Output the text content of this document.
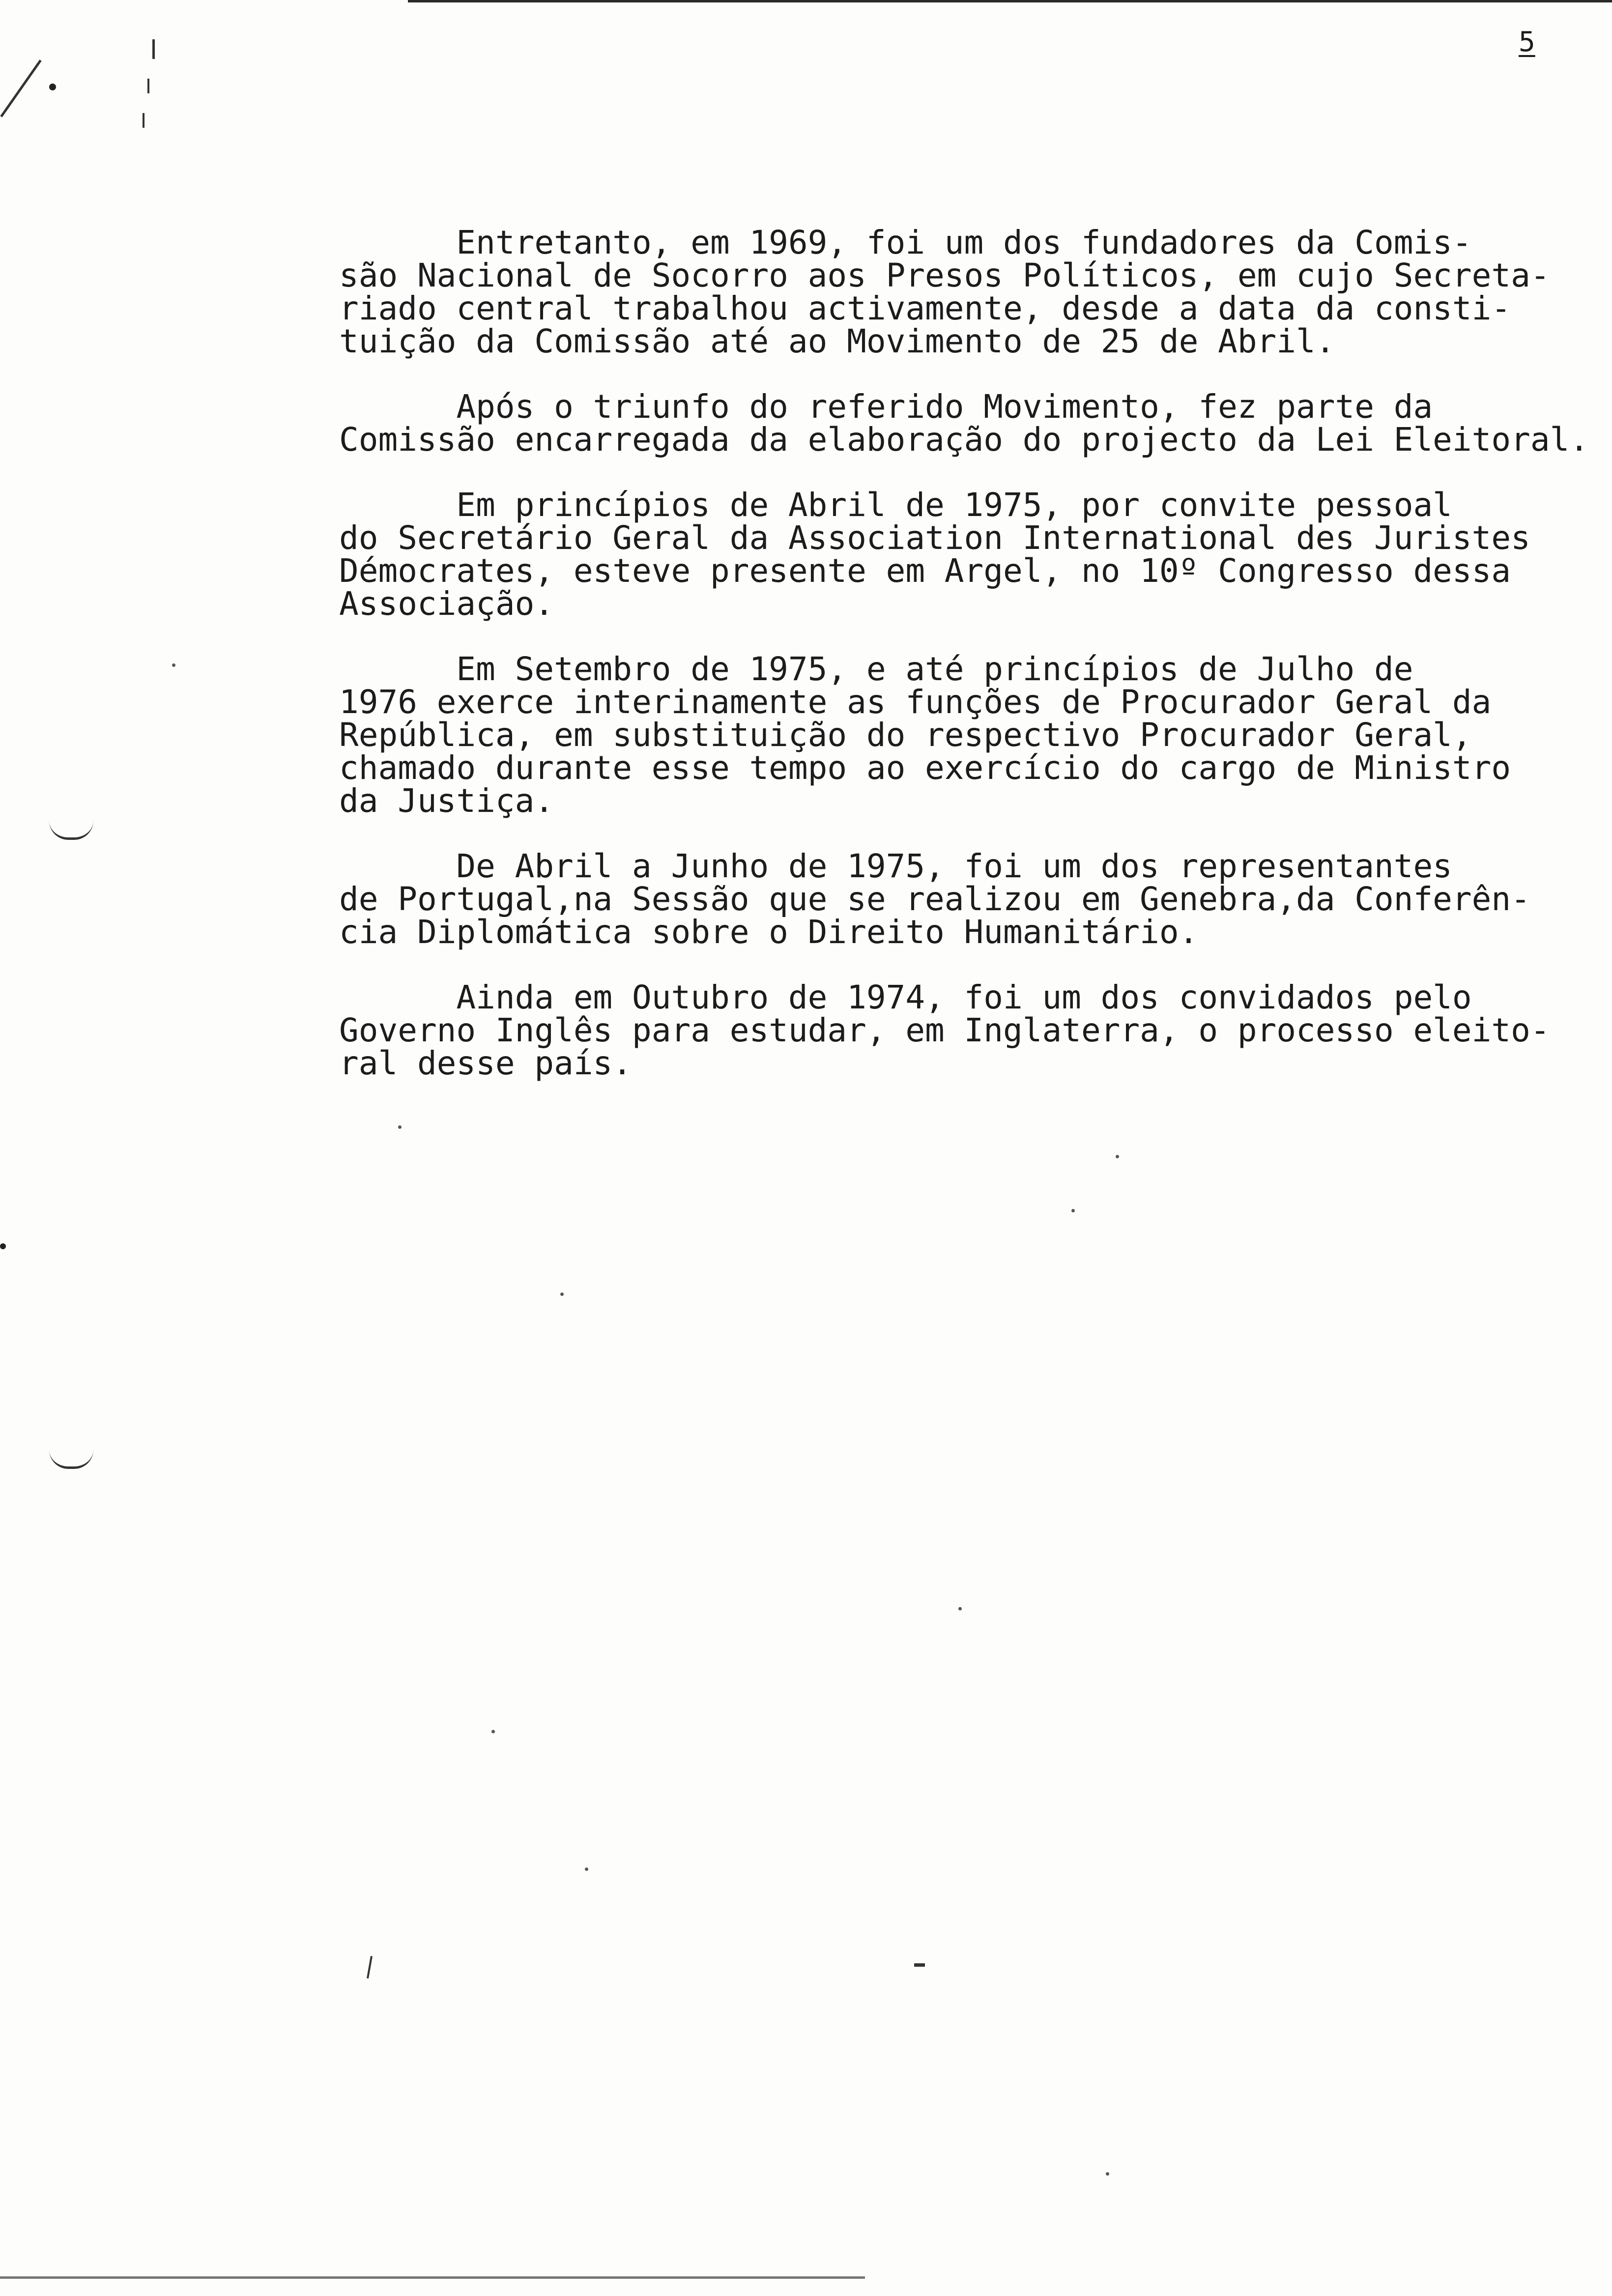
5
Entretanto, em 1969, foi um dos fundadores da Comis-
são Nacional de Socorro aos Presos Políticos, em cujo Secreta-
riado central trabalhou activamente, desde a data da consti-
tuição da Comissão até ao Movimento de 25 de Abril.
Após o triunfo do referido Movimento, fez parte da
Comissão encarregada da elaboração do projecto da Lei Eleitoral.
Em princípios de Abril de 1975, por convite pessoal
do Secretário Geral da Association International des Juristes
Démocrates, esteve presente em Argel, no 10º Congresso dessa
Associação.
Em Setembro de 1975, e até princípios de Julho de
1976 exerce interinamente as funções de Procurador Geral da
República, em substituição do respectivo Procurador Geral,
chamado durante esse tempo ao exercício do cargo de Ministro
da Justiça.
De Abril a Junho de 1975, foi um dos representantes
de Portugal,na Sessão que se realizou em Genebra,da Conferên-
cia Diplomática sobre o Direito Humanitário.
Ainda em Outubro de 1974, foi um dos convidados pelo
Governo Inglês para estudar, em Inglaterra, o processo eleito-
ral desse país.
